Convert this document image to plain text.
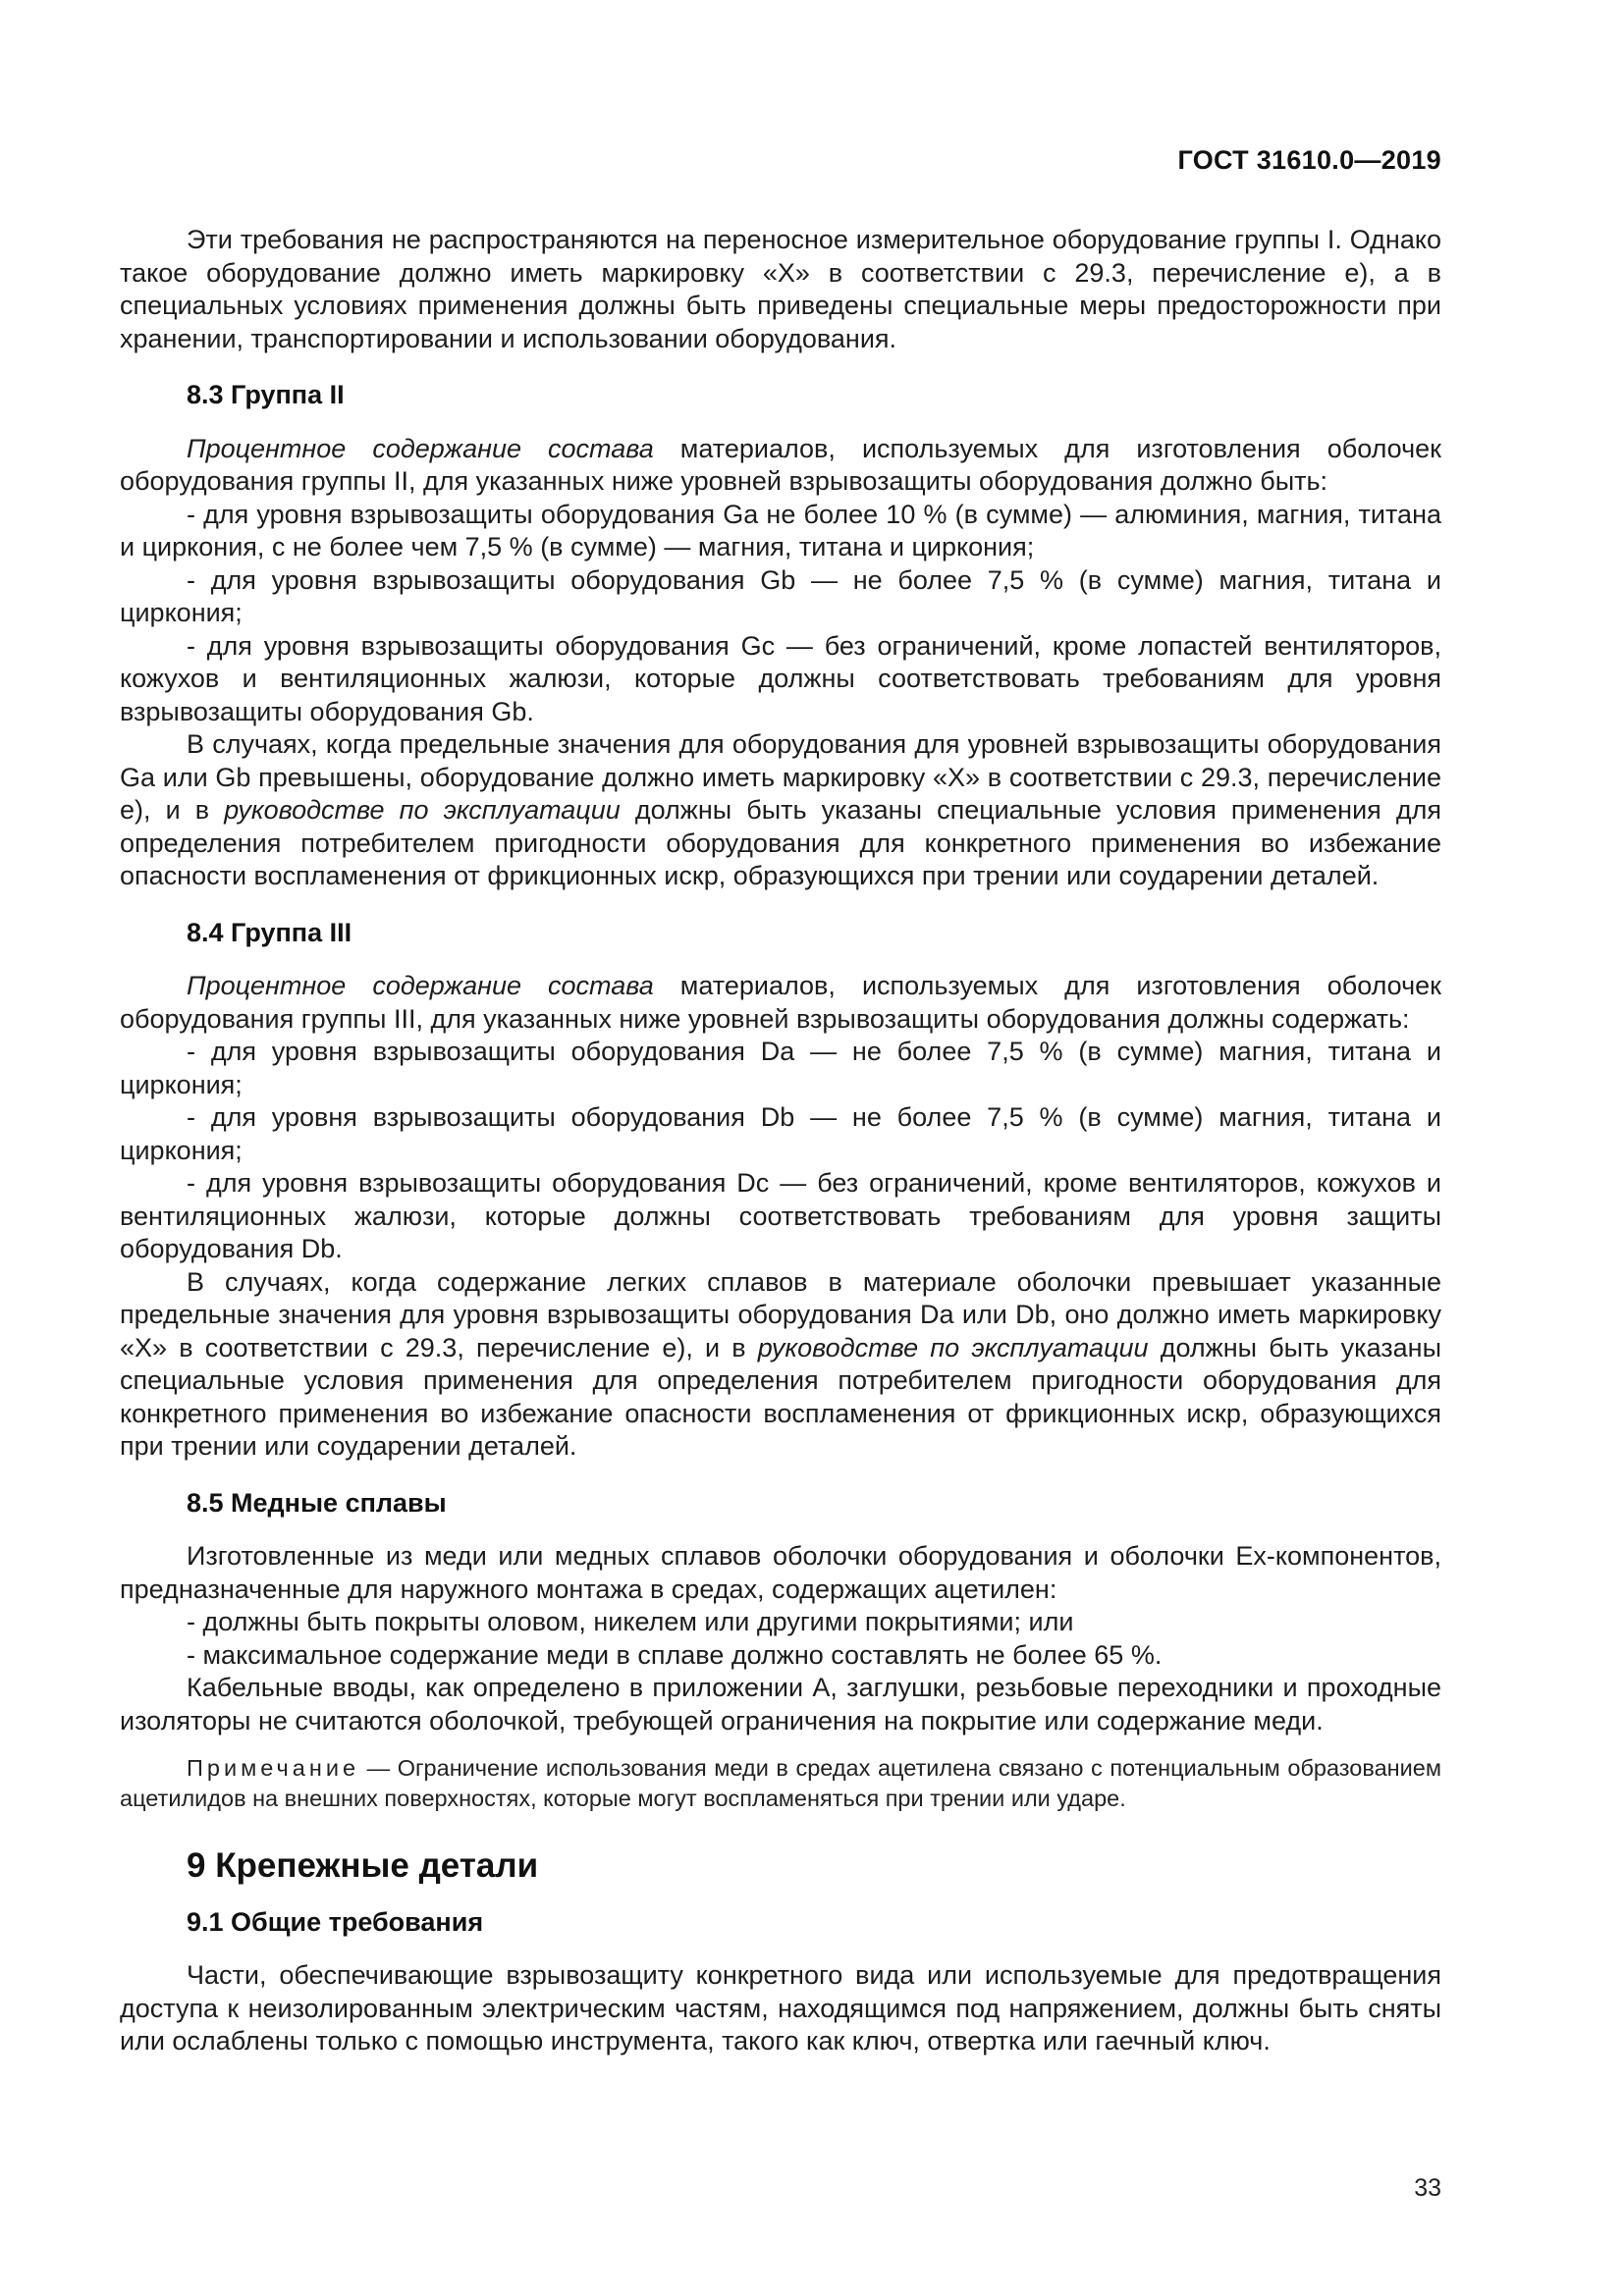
ГОСТ 31610.0—2019

Эти требования не распространяются на переносное измерительное оборудование группы I. Однако такое оборудование должно иметь маркировку «X» в соответствии с 29.3, перечисление е), а в специальных условиях применения должны быть приведены специальные меры предосторожности при хранении, транспортировании и использовании оборудования.

8.3 Группа II

Процентное содержание состава материалов, используемых для изготовления оболочек оборудования группы II, для указанных ниже уровней взрывозащиты оборудования должно быть:

- для уровня взрывозащиты оборудования Ga не более 10 % (в сумме) — алюминия, магния, титана и циркония, с не более чем 7,5 % (в сумме) — магния, титана и циркония;

- для уровня взрывозащиты оборудования Gb — не более 7,5 % (в сумме) магния, титана и циркония;

- для уровня взрывозащиты оборудования Gc — без ограничений, кроме лопастей вентиляторов, кожухов и вентиляционных жалюзи, которые должны соответствовать требованиям для уровня взрывозащиты оборудования Gb.

В случаях, когда предельные значения для оборудования для уровней взрывозащиты оборудования Ga или Gb превышены, оборудование должно иметь маркировку «X» в соответствии с 29.3, перечисление е), и в руководстве по эксплуатации должны быть указаны специальные условия применения для определения потребителем пригодности оборудования для конкретного применения во избежание опасности воспламенения от фрикционных искр, образующихся при трении или соударении деталей.

8.4 Группа III

Процентное содержание состава материалов, используемых для изготовления оболочек оборудования группы III, для указанных ниже уровней взрывозащиты оборудования должны содержать:

- для уровня взрывозащиты оборудования Da — не более 7,5 % (в сумме) магния, титана и циркония;

- для уровня взрывозащиты оборудования Db — не более 7,5 % (в сумме) магния, титана и циркония;

- для уровня взрывозащиты оборудования Dc — без ограничений, кроме вентиляторов, кожухов и вентиляционных жалюзи, которые должны соответствовать требованиям для уровня защиты оборудования Db.

В случаях, когда содержание легких сплавов в материале оболочки превышает указанные предельные значения для уровня взрывозащиты оборудования Da или Db, оно должно иметь маркировку «X» в соответствии с 29.3, перечисление е), и в руководстве по эксплуатации должны быть указаны специальные условия применения для определения потребителем пригодности оборудования для конкретного применения во избежание опасности воспламенения от фрикционных искр, образующихся при трении или соударении деталей.

8.5 Медные сплавы

Изготовленные из меди или медных сплавов оболочки оборудования и оболочки Ex-компонентов, предназначенные для наружного монтажа в средах, содержащих ацетилен:

- должны быть покрыты оловом, никелем или другими покрытиями; или

- максимальное содержание меди в сплаве должно составлять не более 65 %.

Кабельные вводы, как определено в приложении А, заглушки, резьбовые переходники и проходные изоляторы не считаются оболочкой, требующей ограничения на покрытие или содержание меди.

Примечание — Ограничение использования меди в средах ацетилена связано с потенциальным образованием ацетилидов на внешних поверхностях, которые могут воспламеняться при трении или ударе.

9 Крепежные детали
9.1 Общие требования

Части, обеспечивающие взрывозащиту конкретного вида или используемые для предотвращения доступа к неизолированным электрическим частям, находящимся под напряжением, должны быть сняты или ослаблены только с помощью инструмента, такого как ключ, отвертка или гаечный ключ.

33
